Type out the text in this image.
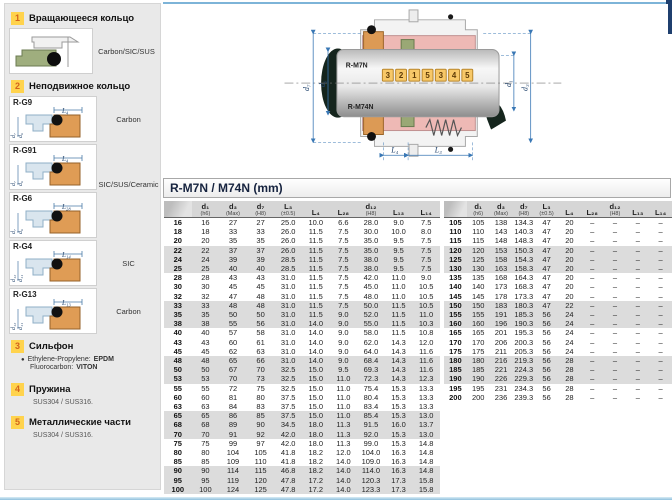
1 Вращающееся кольцо
Carbon/SIC/SUS
2 Неподвижное кольцо
R-G9
L₄
d₇ d₆
Carbon
R-G91
L₄
d₇ d₆	SIC/SUS/Ceramic
R-G6
L₂₈
d₇ d₆
R-G4
L₁₄
d₁₂ d₁₁
SIC
R-G13
L₁₃
d₁₂ d₁₁
Carbon
3 Сильфон
● Ethylene-Propylene: EPDM
Fluorocarbon: VITON
4 Пружина
SUS304 / SUS316.
5 Металлические части
SUS304 / SUS316.
R-M7N
R-M74N
3 2 1 5 3 4 5
d₇
d₆	d₁
d₃
L₄	L₃
R-M7N / M74N (mm)

d₁
(h6)

d₃
(Max)

d₇
(H8)

L₃
(±0.5)	L₄	L₂₈

d₁₂
(H8)	L₁₃	L₁₄

16	16	27	27	25.0	10.0	6.6	28.0	9.0	7.5
18	18	33	33	26.0	11.5	7.5	30.0	10.0	8.0
20	20	35	35	26.0	11.5	7.5	35.0	9.5	7.5
22	22	37	37	26.0	11.5	7.5	35.0	9.5	7.5
24	24	39	39	28.5	11.5	7.5	38.0	9.5	7.5
25	25	40	40	28.5	11.5	7.5	38.0	9.5	7.5
28	28	43	43	31.0	11.5	7.5	42.0	11.0	9.0
30	30	45	45	31.0	11.5	7.5	45.0	11.0	10.5
32	32	47	48	31.0	11.5	7.5	48.0	11.0	10.5
33	33	48	48	31.0	11.5	7.5	50.0	11.5	10.5
35	35	50	50	31.0	11.5	9.0	52.0	11.5	11.0
38	38	55	56	31.0	14.0	9.0	55.0	11.5	10.3
40	40	57	58	31.0	14.0	9.0	58.0	11.5	10.8
43	43	60	61	31.0	14.0	9.0	62.0	14.3	12.0
45	45	62	63	31.0	14.0	9.0	64.0	14.3	11.6
48	48	65	66	31.0	14.0	9.0	68.4	14.3	11.6
50	50	67	70	32.5	15.0	9.5	69.3	14.3	11.6
53	53	70	73	32.5	15.0	11.0	72.3	14.3	12.3
55	55	72	75	32.5	15.0	11.0	75.4	15.3	13.3
60	60	81	80	37.5	15.0	11.0	80.4	15.3	13.3
63	63	84	83	37.5	15.0	11.0	83.4	15.3	13.3
65	65	86	85	37.5	15.0	11.0	85.4	15.3	13.0
68	68	89	90	34.5	18.0	11.3	91.5	16.0	13.7
70	70	91	92	42.0	18.0	11.3	92.0	15.3	13.0
75	75	99	97	42.0	18.0	11.3	99.0	15.3	14.8
80	80	104	105	41.8	18.2	12.0	104.0	16.3	14.8
85	85	109	110	41.8	18.2	14.0	109.0	16.3	14.8
90	90	114	115	46.8	18.2	14.0	114.0	16.3	14.8
95	95	119	120	47.8	17.2	14.0	120.3	17.3	15.8
100	100	124	125	47.8	17.2	14.0	123.3	17.3	15.8

d₁
(h6)

d₃
(Max)

d₇
(H8)

L₃
(±0.5)	L₄	L₂₈

d₁₂
(H8)	L₁₃	L₁₄

105	105	138	134.3	47	20	–	–	–	–
110	110	143	140.3	47	20	–	–	–	–
115	115	148	148.3	47	20	–	–	–	–
120	120	153	150.3	47	20	–	–	–	–
125	125	158	154.3	47	20	–	–	–	–
130	130	163	158.3	47	20	–	–	–	–
135	135	168	164.3	47	20	–	–	–	–
140	140	173	168.3	47	20	–	–	–	–
145	145	178	173.3	47	20	–	–	–	–
150	150	183	180.3	47	22	–	–	–	–
155	155	191	185.3	56	24	–	–	–	–
160	160	196	190.3	56	24	–	–	–	–
165	165	201	195.3	56	24	–	–	–	–
170	170	206	200.3	56	24	–	–	–	–
175	175	211	205.3	56	24	–	–	–	–
180	180	216	219.3	56	28	–	–	–	–
185	185	221	224.3	56	28	–	–	–	–
190	190	226	229.3	56	28	–	–	–	–
195	195	231	234.3	56	28	–	–	–	–
200	200	236	239.3	56	28	–	–	–	–
